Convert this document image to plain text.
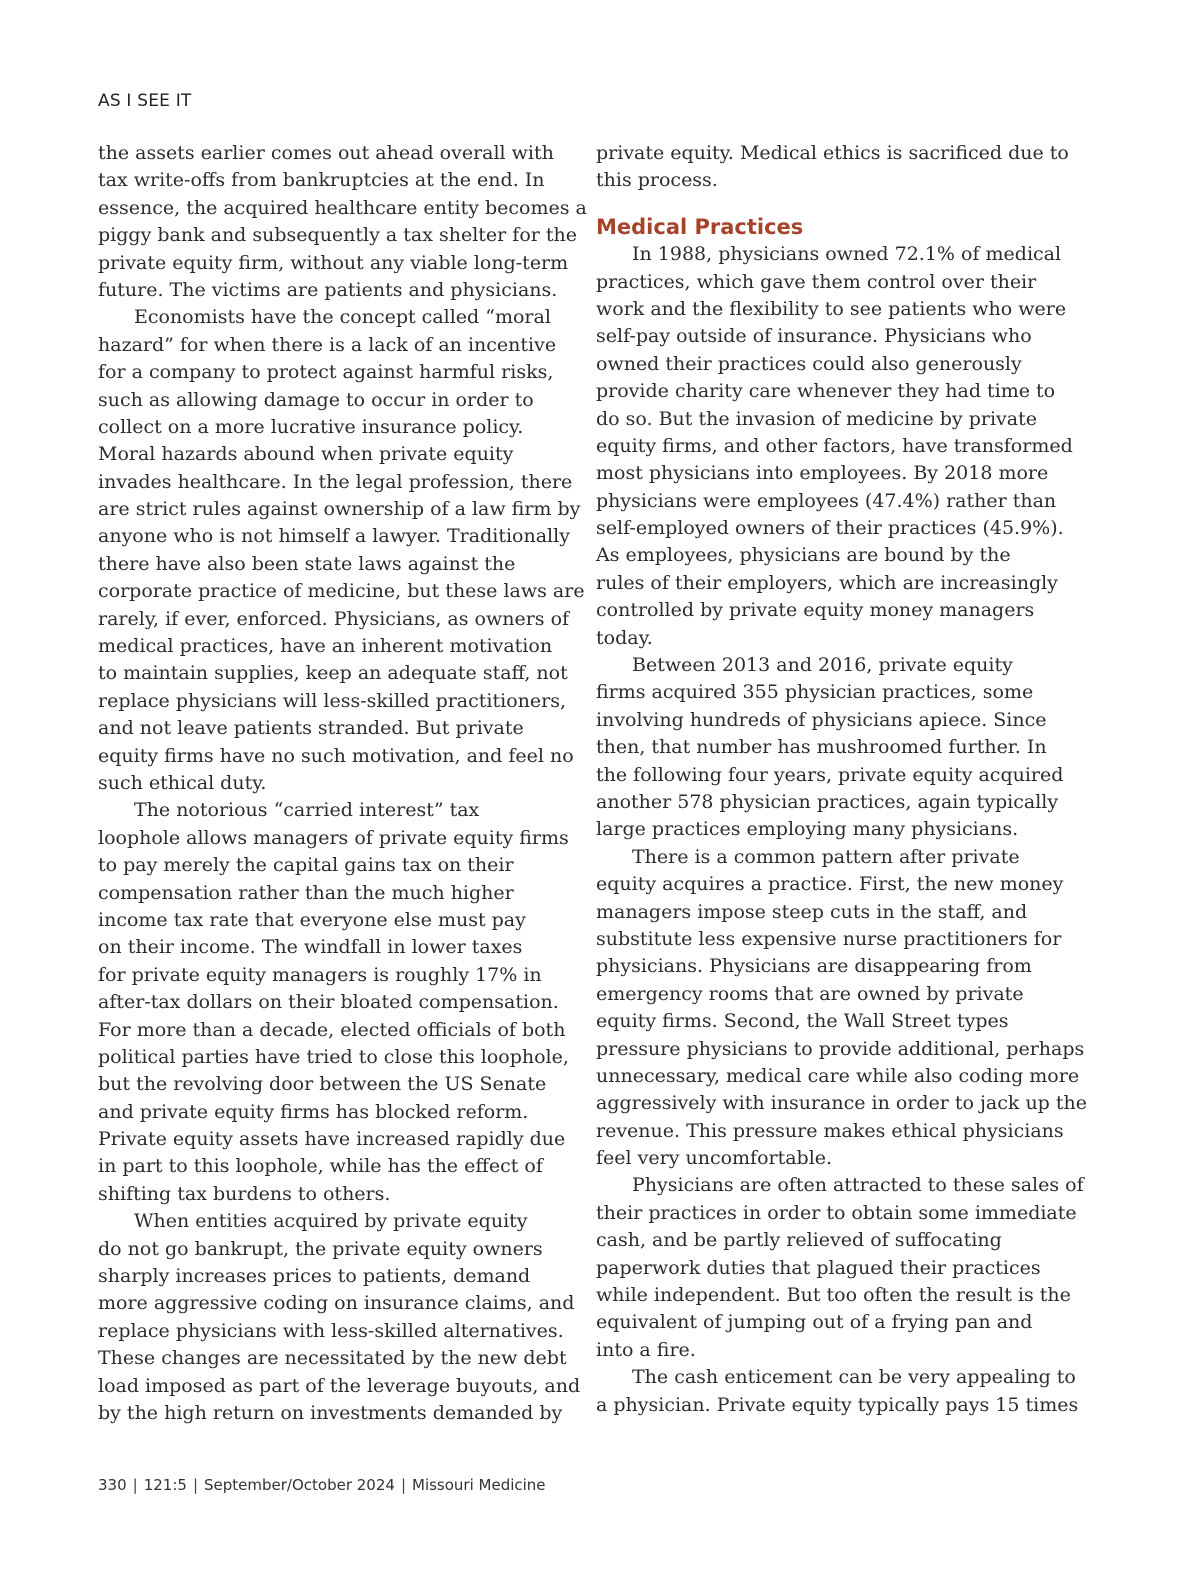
AS I SEE IT

the assets earlier comes out ahead overall with

tax write-offs from bankruptcies at the end. In

essence, the acquired healthcare entity becomes a

piggy bank and subsequently a tax shelter for the

private equity firm, without any viable long-term

future. The victims are patients and physicians.

Economists have the concept called “moral

hazard” for when there is a lack of an incentive

for a company to protect against harmful risks,

such as allowing damage to occur in order to

collect on a more lucrative insurance policy.

Moral hazards abound when private equity

invades healthcare. In the legal profession, there

are strict rules against ownership of a law firm by

anyone who is not himself a lawyer. Traditionally

there have also been state laws against the

corporate practice of medicine, but these laws are

rarely, if ever, enforced. Physicians, as owners of

medical practices, have an inherent motivation

to maintain supplies, keep an adequate staff, not

replace physicians will less-skilled practitioners,

and not leave patients stranded. But private

equity firms have no such motivation, and feel no

such ethical duty.

The notorious “carried interest” tax

loophole allows managers of private equity firms

to pay merely the capital gains tax on their

compensation rather than the much higher

income tax rate that everyone else must pay

on their income. The windfall in lower taxes

for private equity managers is roughly 17% in

after-tax dollars on their bloated compensation.

For more than a decade, elected officials of both

political parties have tried to close this loophole,

but the revolving door between the US Senate

and private equity firms has blocked reform.

Private equity assets have increased rapidly due

in part to this loophole, while has the effect of

shifting tax burdens to others.

When entities acquired by private equity

do not go bankrupt, the private equity owners

sharply increases prices to patients, demand

more aggressive coding on insurance claims, and

replace physicians with less-skilled alternatives.

These changes are necessitated by the new debt

load imposed as part of the leverage buyouts, and

by the high return on investments demanded by

private equity. Medical ethics is sacrificed due to

this process.

Medical Practices

In 1988, physicians owned 72.1% of medical

practices, which gave them control over their

work and the flexibility to see patients who were

self-pay outside of insurance. Physicians who

owned their practices could also generously

provide charity care whenever they had time to

do so. But the invasion of medicine by private

equity firms, and other factors, have transformed

most physicians into employees. By 2018 more

physicians were employees (47.4%) rather than

self-employed owners of their practices (45.9%).

As employees, physicians are bound by the

rules of their employers, which are increasingly

controlled by private equity money managers

today.

Between 2013 and 2016, private equity

firms acquired 355 physician practices, some

involving hundreds of physicians apiece. Since

then, that number has mushroomed further. In

the following four years, private equity acquired

another 578 physician practices, again typically

large practices employing many physicians.

There is a common pattern after private

equity acquires a practice. First, the new money

managers impose steep cuts in the staff, and

substitute less expensive nurse practitioners for

physicians. Physicians are disappearing from

emergency rooms that are owned by private

equity firms. Second, the Wall Street types

pressure physicians to provide additional, perhaps

unnecessary, medical care while also coding more

aggressively with insurance in order to jack up the

revenue. This pressure makes ethical physicians

feel very uncomfortable.

Physicians are often attracted to these sales of

their practices in order to obtain some immediate

cash, and be partly relieved of suffocating

paperwork duties that plagued their practices

while independent. But too often the result is the

equivalent of jumping out of a frying pan and

into a fire.

The cash enticement can be very appealing to

a physician. Private equity typically pays 15 times

330 | 121:5 | September/October 2024 | Missouri Medicine
